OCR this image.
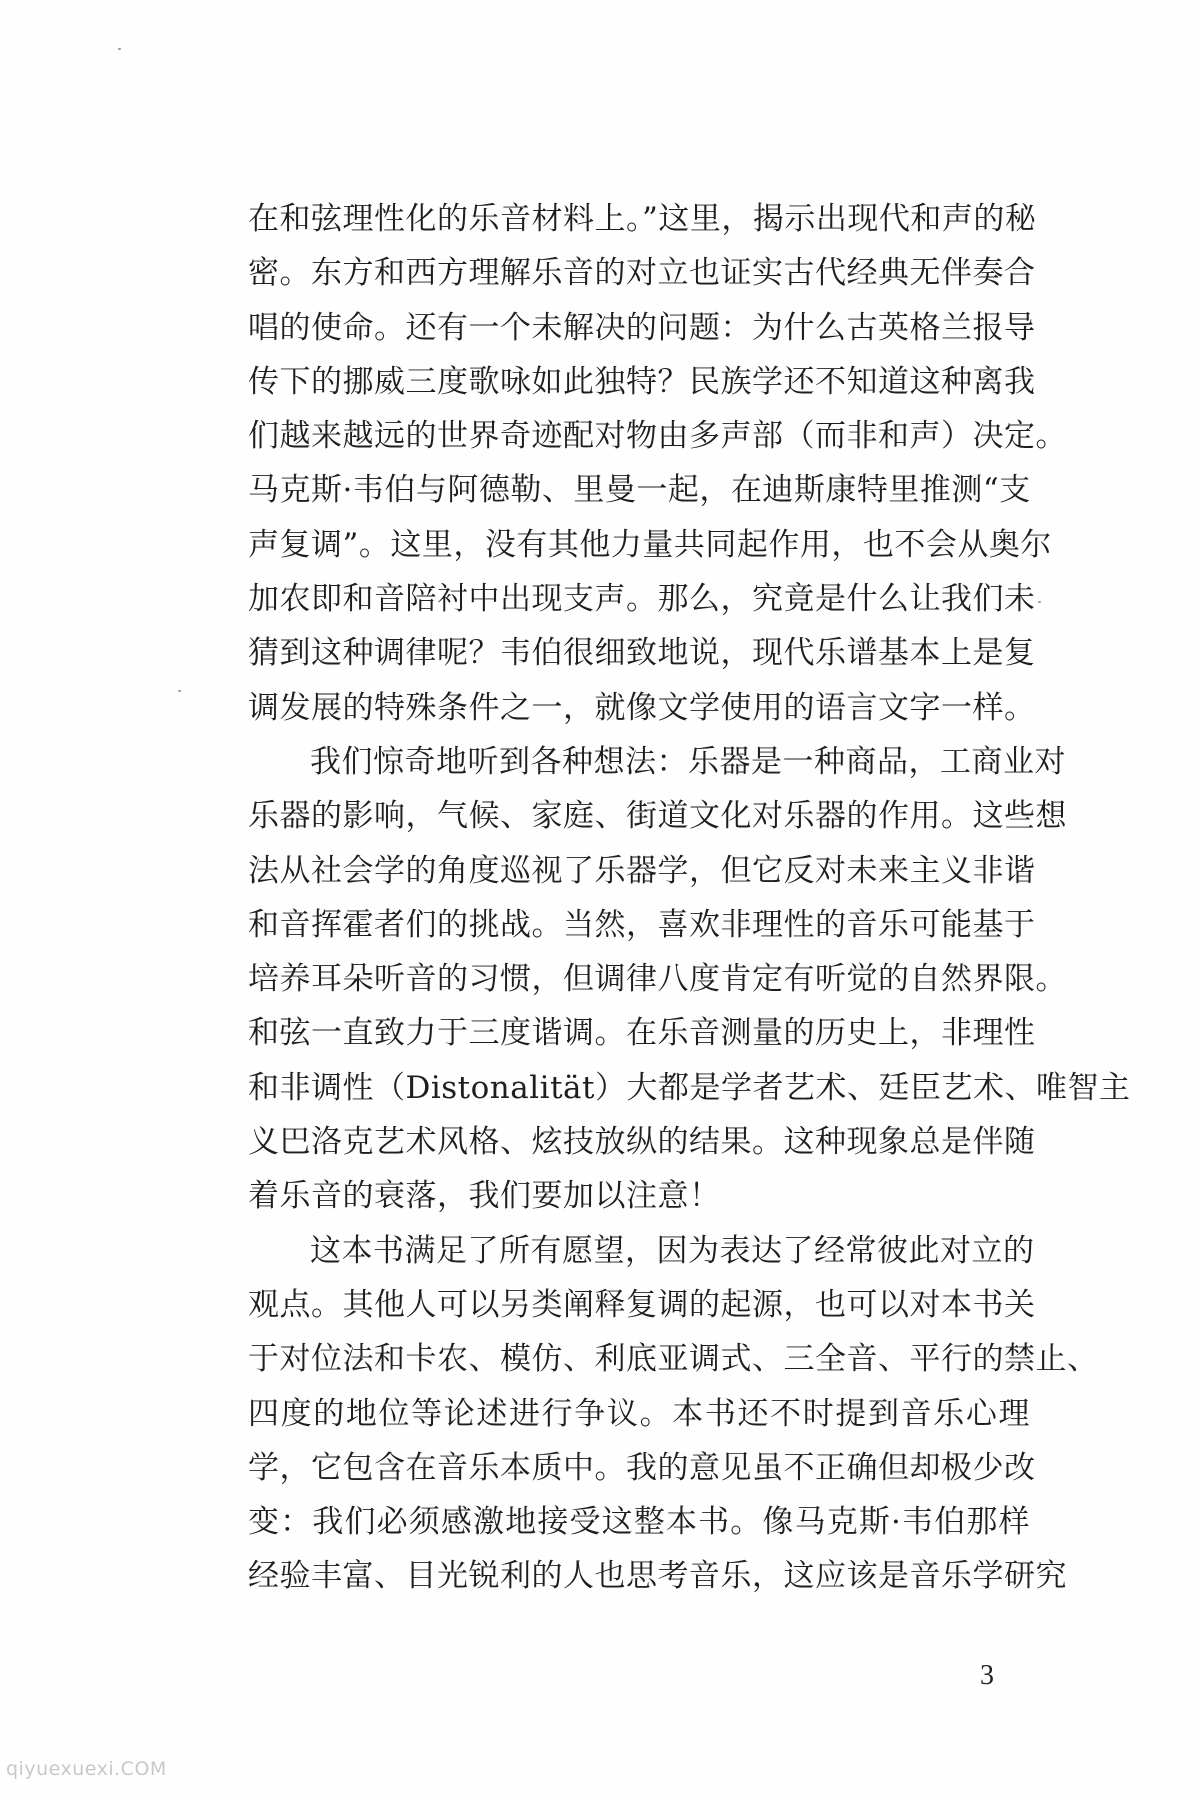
在和弦理性化的乐音材料上。”这里，揭示出现代和声的秘
密。东方和西方理解乐音的对立也证实古代经典无伴奏合
唱的使命。还有一个未解决的问题：为什么古英格兰报导
传下的挪威三度歌咏如此独特？民族学还不知道这种离我
们越来越远的世界奇迹配对物由多声部（而非和声）决定。
马克斯·韦伯与阿德勒、里曼一起，在迪斯康特里推测“支
声复调”。这里，没有其他力量共同起作用，也不会从奥尔
加农即和音陪衬中出现支声。那么，究竟是什么让我们未
猜到这种调律呢？韦伯很细致地说，现代乐谱基本上是复
调发展的特殊条件之一，就像文学使用的语言文字一样。
我们惊奇地听到各种想法：乐器是一种商品，工商业对
乐器的影响，气候、家庭、街道文化对乐器的作用。这些想
法从社会学的角度巡视了乐器学，但它反对未来主义非谐
和音挥霍者们的挑战。当然，喜欢非理性的音乐可能基于
培养耳朵听音的习惯，但调律八度肯定有听觉的自然界限。
和弦一直致力于三度谐调。在乐音测量的历史上，非理性
和非调性（Distonalität）大都是学者艺术、廷臣艺术、唯智主
义巴洛克艺术风格、炫技放纵的结果。这种现象总是伴随
着乐音的衰落，我们要加以注意！
这本书满足了所有愿望，因为表达了经常彼此对立的
观点。其他人可以另类阐释复调的起源，也可以对本书关
于对位法和卡农、模仿、利底亚调式、三全音、平行的禁止、
四度的地位等论述进行争议。本书还不时提到音乐心理
学，它包含在音乐本质中。我的意见虽不正确但却极少改
变：我们必须感激地接受这整本书。像马克斯·韦伯那样
经验丰富、目光锐利的人也思考音乐，这应该是音乐学研究
3
qiyuexuexi.COM
